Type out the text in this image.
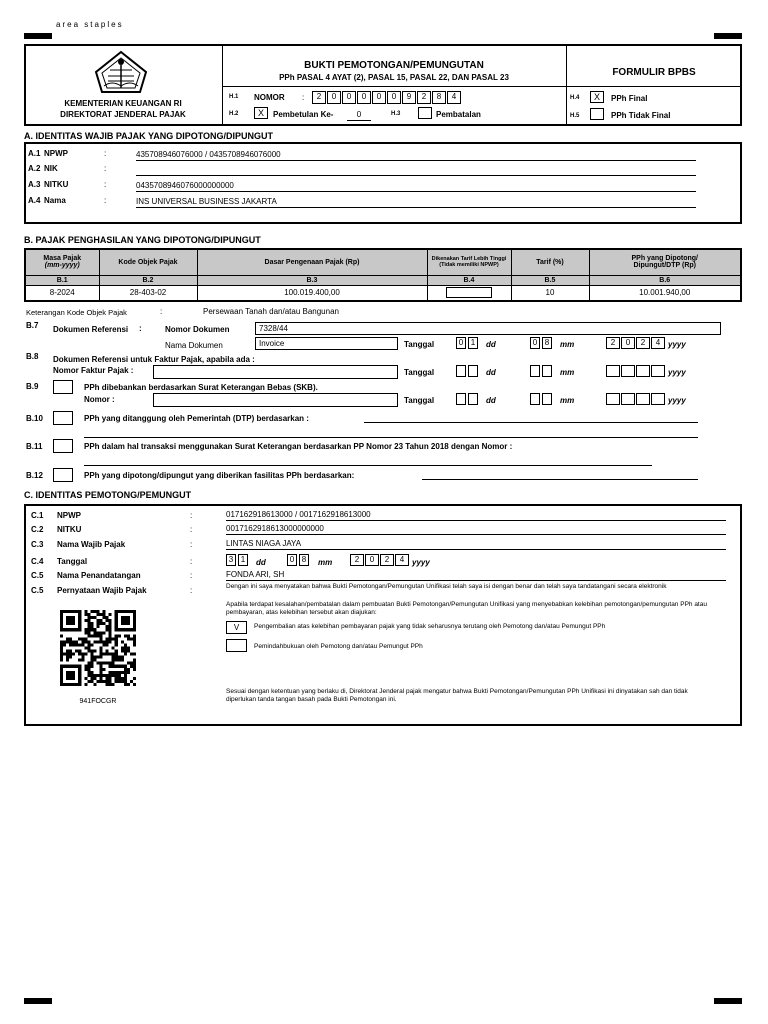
area staples
KEMENTERIAN KEUANGAN RI
DIREKTORAT JENDERAL PAJAK
BUKTI PEMOTONGAN/PEMUNGUTAN
PPh PASAL 4 AYAT (2), PASAL 15, PASAL 22, DAN PASAL 23	FORMULIR BPBS
H.1 NOMOR :	2	0	0	0	0	0	9	2	8	4
H.2	X	Pembetulan Ke-	0	H.3	Pembatalan
H.4	X	PPh Final
H.5	PPh Tidak Final
A. IDENTITAS WAJIB PAJAK YANG DIPOTONG/DIPUNGUT
A.1 NPWP	:	435708946076000 / 0435708946076000
A.2 NIK	:
A.3 NITKU	:	0435708946076000000000
A.4 Nama	:	INS UNIVERSAL BUSINESS JAKARTA
B. PAJAK PENGHASILAN YANG DIPOTONG/DIPUNGUT
Masa Pajak
(mm-yyyy)	Kode Objek Pajak	Dasar Pengenaan Pajak (Rp)	Dikenakan Tarif Lebih Tinggi (Tidak memiliki NPWP)	Tarif (%)	PPh yang Dipotong/ Dipungut/DTP (Rp)
B.1	B.2	B.3	B.4	B.5	B.6
8-2024	28-403-02	100.019.400,00		10	10.001.940,00
Keterangan Kode Objek Pajak	:	Persewaan Tanah dan/atau Bangunan
B.7 Dokumen Referensi :	Nomor Dokumen	7328/44
Nama Dokumen	Invoice	Tanggal	0 1	dd	0 8	mm	2	0	2	4 yyyy
B.8 Dokumen Referensi untuk Faktur Pajak, apabila ada :
Nomor Faktur Pajak :	Tanggal	dd	mm	yyyy
B.9	PPh dibebankan berdasarkan Surat Keterangan Bebas (SKB).
Nomor :	Tanggal	dd	mm	yyyy
B.10	PPh yang ditanggung oleh Pemerintah (DTP) berdasarkan :
B.11	PPh dalam hal transaksi menggunakan Surat Keterangan berdasarkan PP Nomor 23 Tahun 2018 dengan Nomor :
B.12	PPh yang dipotong/dipungut yang diberikan fasilitas PPh berdasarkan:
C. IDENTITAS PEMOTONG/PEMUNGUT
C.1 NPWP	:	017162918613000 / 0017162918613000
C.2 NITKU	:	0017162918613000000000
C.3 Nama Wajib Pajak	:	LINTAS NIAGA JAYA
C.4 Tanggal	:	3 1	dd	0 8	mm	2	0	2	4 yyyy
C.5 Nama Penandatangan	:	FONDA ARI, SH
C.5 Pernyataan Wajib Pajak	:	Dengan ini saya menyatakan bahwa Bukti Pemotongan/Pemungutan Unifikasi telah saya isi dengan benar dan telah saya tandatangani secara elektronik
Apabila terdapat kesalahan/pembatalan dalam pembuatan Bukti Pemotongan/Pemungutan Unifikasi yang menyebabkan kelebihan pemotongan/pemungutan PPh atau pembayaran, atas kelebihan tersebut akan diajukan:
V	Pengembalian atas kelebihan pembayaran pajak yang tidak seharusnya terutang oleh Pemotong dan/atau Pemungut PPh
Pemindahbukuan oleh Pemotong dan/atau Pemungut PPh
Sesuai dengan ketentuan yang berlaku di, Direktorat Jenderal pajak mengatur bahwa Bukti Pemotongan/Pemungutan PPh Unifikasi ini dinyatakan sah dan tidak diperlukan tanda tangan basah pada Bukti Pemotongan ini.
941FOCGR
